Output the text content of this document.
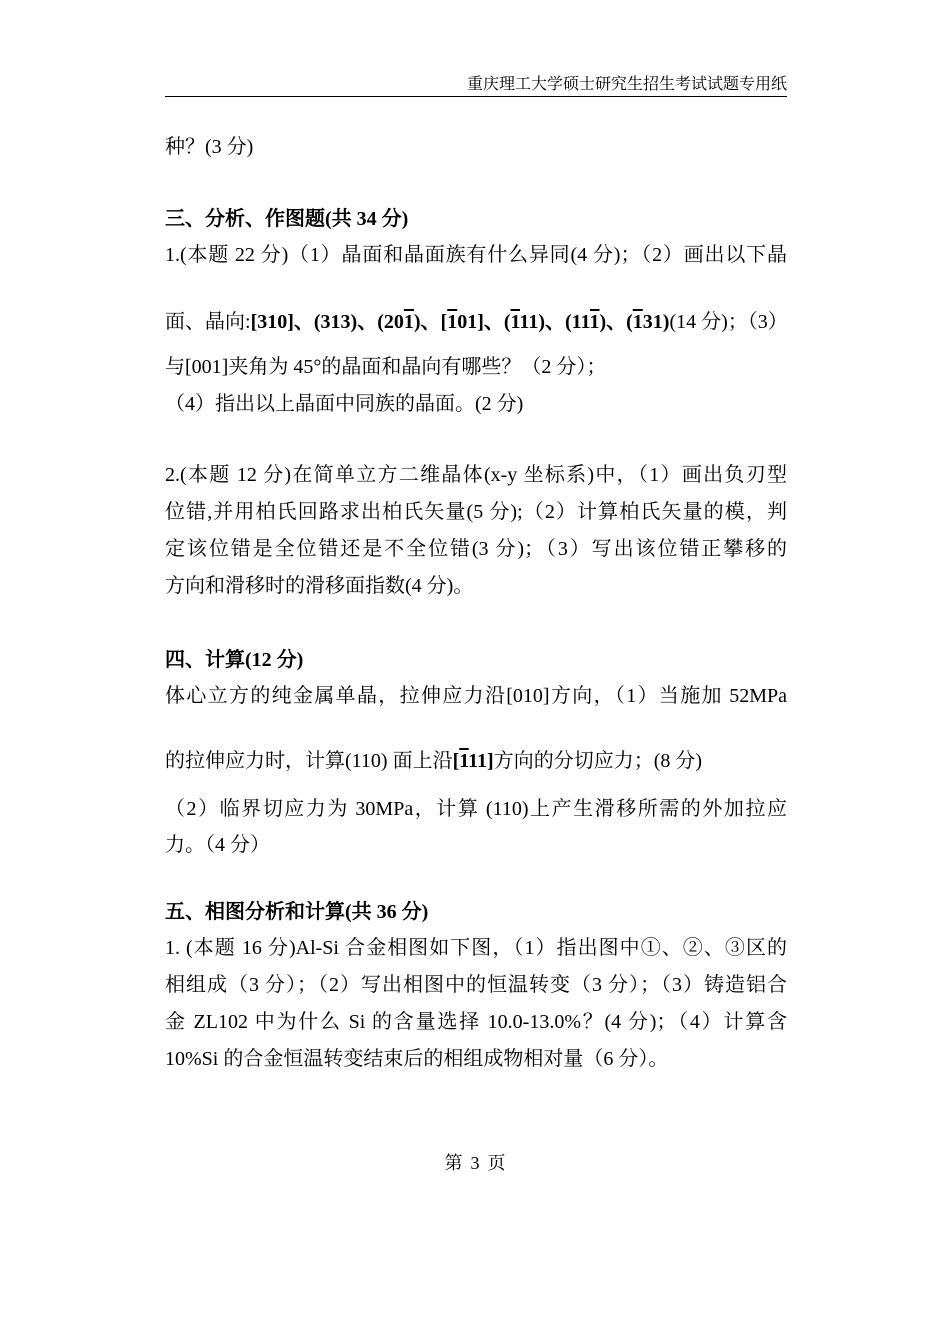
重庆理工大学硕士研究生招生考试试题专用纸
种？(3 分)
三、分析、作图题(共 34 分)
1.(本题 22 分)（1）晶面和晶面族有什么异同(4 分)；（2）画出以下晶
面、晶向:[310]、(313)、(201)、[101]、(111)、(111)、(131)(14 分)；（3）
与[001]夹角为 45°的晶面和晶向有哪些？（2 分）；
（4）指出以上晶面中同族的晶面。(2 分)
2.(本题 12 分)在简单立方二维晶体(x-y 坐标系)中，（1）画出负刃型
位错,并用柏氏回路求出柏氏矢量(5 分);（2）计算柏氏矢量的模，判
定该位错是全位错还是不全位错(3 分)；（3）写出该位错正攀移的
方向和滑移时的滑移面指数(4 分)。
四、计算(12 分)
体心立方的纯金属单晶，拉伸应力沿[010]方向，（1）当施加 52MPa
的拉伸应力时，计算(110) 面上沿[111]方向的分切应力；(8 分)
（2）临界切应力为 30MPa，计算 (110)上产生滑移所需的外加拉应
力。（4 分）
五、相图分析和计算(共 36 分)
1. (本题 16 分)Al-Si 合金相图如下图，（1）指出图中①、②、③区的
相组成（3 分）；（2）写出相图中的恒温转变（3 分）；（3）铸造铝合
金 ZL102 中为什么 Si 的含量选择 10.0-13.0%？(4 分)；（4）计算含
10%Si 的合金恒温转变结束后的相组成物相对量（6 分）。
第 3 页
